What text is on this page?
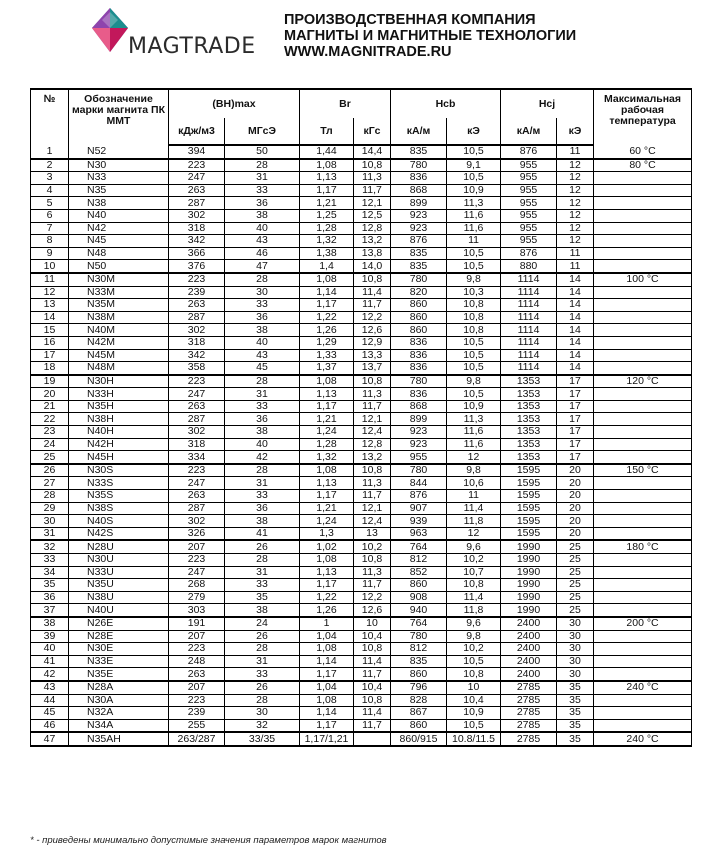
MAGTRADE
ПРОИЗВОДСТВЕННАЯ КОМПАНИЯ
МАГНИТЫ И МАГНИТНЫЕ ТЕХНОЛОГИИ
WWW.MAGNITRADE.RU
№	Обозначение марки магнита ПК ММТ	(BH)max		Br		Hcb		Hcj		Максимальная рабочая температура
		кДж/м3	МГсЭ	Тл	кГс	кА/м	кЭ	кА/м	кЭ	
1	N52	394	50	1,44	14,4	835	10,5	876	11	60 °C
2	N30	223	28	1,08	10,8	780	9,1	955	12	80 °C
3	N33	247	31	1,13	11,3	836	10,5	955	12	
4	N35	263	33	1,17	11,7	868	10,9	955	12	
5	N38	287	36	1,21	12,1	899	11,3	955	12	
6	N40	302	38	1,25	12,5	923	11,6	955	12	
7	N42	318	40	1,28	12,8	923	11,6	955	12	
8	N45	342	43	1,32	13,2	876	11	955	12	
9	N48	366	46	1,38	13,8	835	10,5	876	11	
10	N50	376	47	1,4	14,0	835	10,5	880	11	
11	N30M	223	28	1,08	10,8	780	9,8	1114	14	100 °C
12	N33M	239	30	1,14	11,4	820	10,3	1114	14	
13	N35M	263	33	1,17	11,7	860	10,8	1114	14	
14	N38M	287	36	1,22	12,2	860	10,8	1114	14	
15	N40M	302	38	1,26	12,6	860	10,8	1114	14	
16	N42M	318	40	1,29	12,9	836	10,5	1114	14	
17	N45M	342	43	1,33	13,3	836	10,5	1114	14	
18	N48M	358	45	1,37	13,7	836	10,5	1114	14	
19	N30H	223	28	1,08	10,8	780	9,8	1353	17	120 °C
20	N33H	247	31	1,13	11,3	836	10,5	1353	17	
21	N35H	263	33	1,17	11,7	868	10,9	1353	17	
22	N38H	287	36	1,21	12,1	899	11,3	1353	17	
23	N40H	302	38	1,24	12,4	923	11,6	1353	17	
24	N42H	318	40	1,28	12,8	923	11,6	1353	17	
25	N45H	334	42	1,32	13,2	955	12	1353	17	
26	N30S	223	28	1,08	10,8	780	9,8	1595	20	150 °C
27	N33S	247	31	1,13	11,3	844	10,6	1595	20	
28	N35S	263	33	1,17	11,7	876	11	1595	20	
29	N38S	287	36	1,21	12,1	907	11,4	1595	20	
30	N40S	302	38	1,24	12,4	939	11,8	1595	20	
31	N42S	326	41	1,3	13	963	12	1595	20	
32	N28U	207	26	1,02	10,2	764	9,6	1990	25	180 °C
33	N30U	223	28	1,08	10,8	812	10,2	1990	25	
34	N33U	247	31	1,13	11,3	852	10,7	1990	25	
35	N35U	268	33	1,17	11,7	860	10,8	1990	25	
36	N38U	279	35	1,22	12,2	908	11,4	1990	25	
37	N40U	303	38	1,26	12,6	940	11,8	1990	25	
38	N26E	191	24	1	10	764	9,6	2400	30	200 °C
39	N28E	207	26	1,04	10,4	780	9,8	2400	30	
40	N30E	223	28	1,08	10,8	812	10,2	2400	30	
41	N33E	248	31	1,14	11,4	835	10,5	2400	30	
42	N35E	263	33	1,17	11,7	860	10,8	2400	30	
43	N28A	207	26	1,04	10,4	796	10	2785	35	240 °C
44	N30A	223	28	1,08	10,8	828	10,4	2785	35	
45	N32A	239	30	1,14	11,4	867	10,9	2785	35	
46	N34A	255	32	1,17	11,7	860	10,5	2785	35	
47	N35AH	263/287	33/35	1,17/1,21		860/915	10.8/11.5	2785	35	240 °C
* - приведены минимально допустимые значения параметров марок магнитов
